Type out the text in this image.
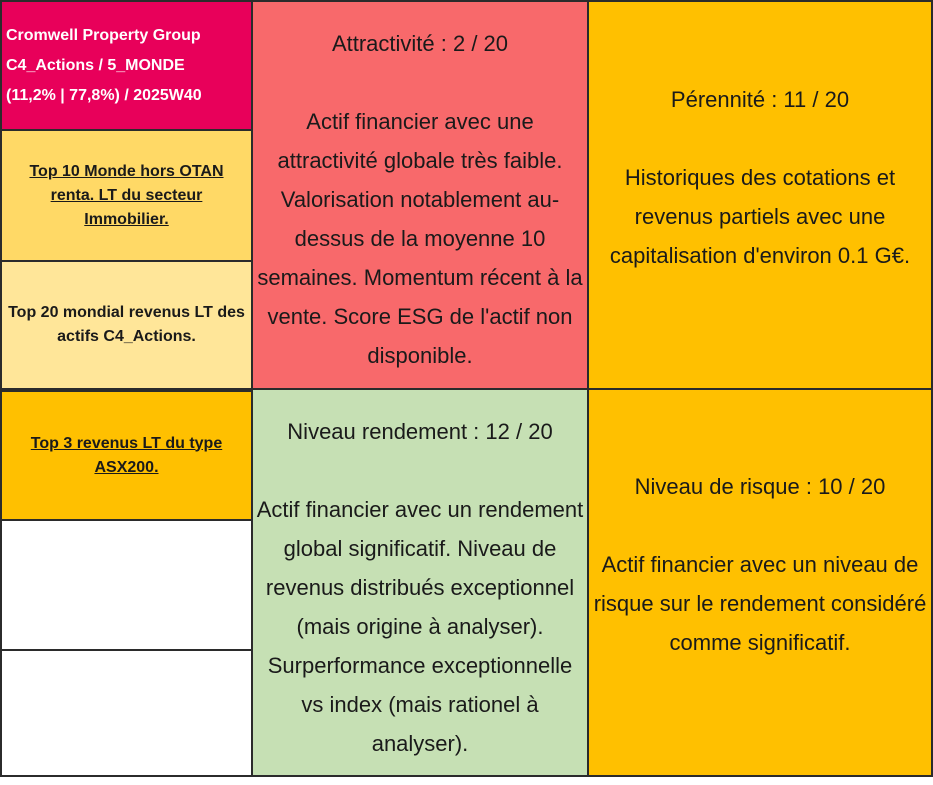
Cromwell Property Group
C4_Actions / 5_MONDE
(11,2% | 77,8%) / 2025W40
Top 10 Monde hors OTAN renta. LT du secteur Immobilier.
Top 20 mondial revenus LT des actifs C4_Actions.
Top 3 revenus LT du type ASX200.
Attractivité : 2 / 20
Actif financier avec une attractivité globale très faible. Valorisation notablement au-dessus de la moyenne 10 semaines. Momentum récent à la vente. Score ESG de l'actif non disponible.
Pérennité : 11 / 20
Historiques des cotations et revenus partiels avec une capitalisation d'environ 0.1 G€.
Niveau rendement : 12 / 20
Actif financier avec un rendement global significatif. Niveau de revenus distribués exceptionnel (mais origine à analyser). Surperformance exceptionnelle vs index (mais rationel à analyser).
Niveau de risque : 10 / 20
Actif financier avec un niveau de risque sur le rendement considéré comme significatif.
